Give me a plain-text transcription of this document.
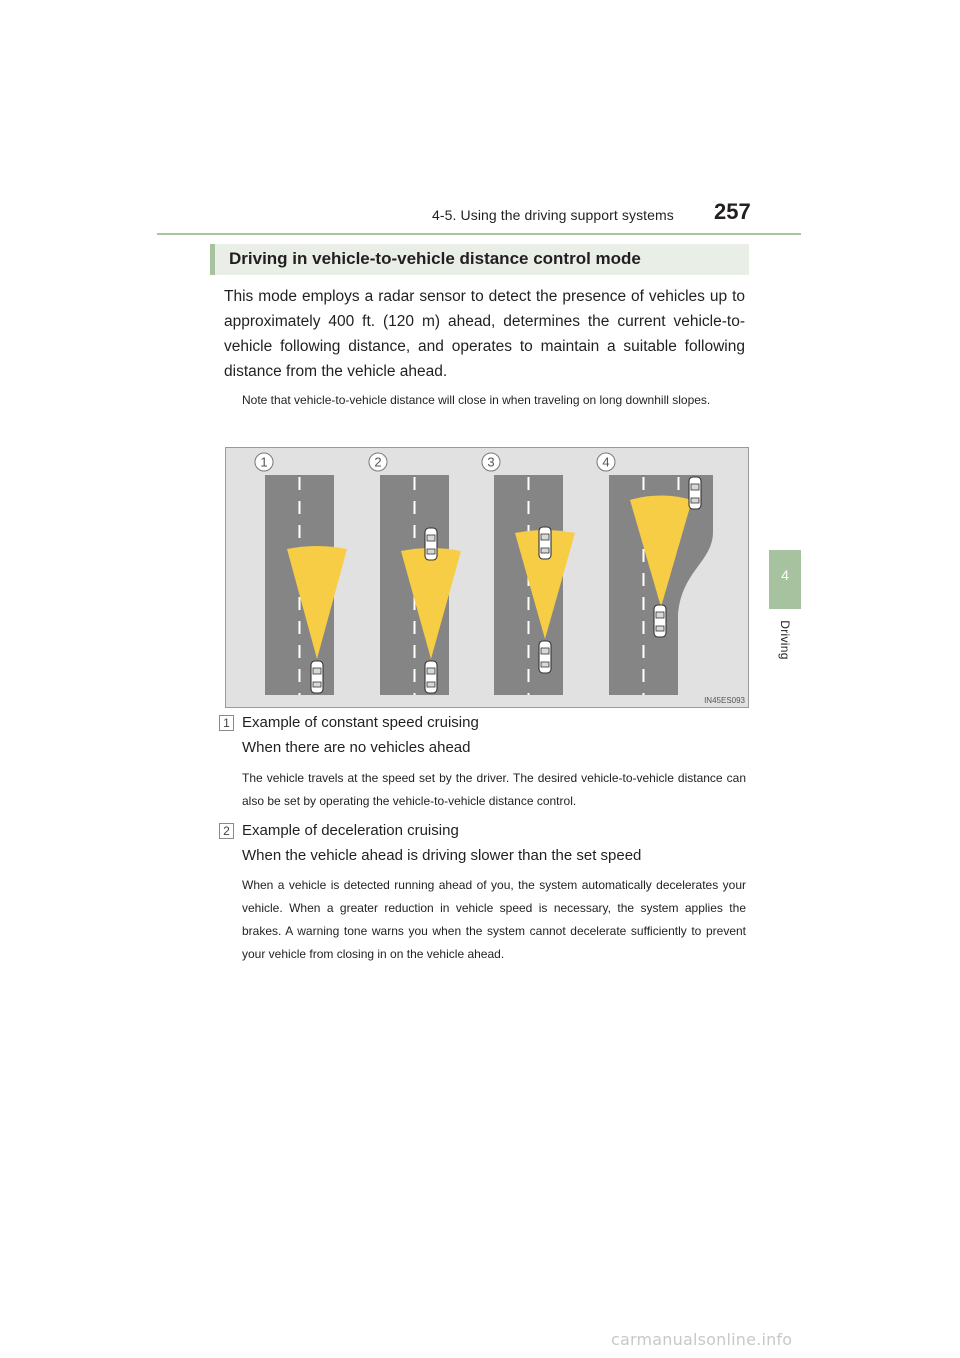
4-5. Using the driving support systems 257
4
Driving
Driving in vehicle-to-vehicle distance control mode

This mode employs a radar sensor to detect the presence of vehicles up to approximately 400 ft. (120 m) ahead, determines the current vehicle-to-vehicle following distance, and operates to maintain a suitable following distance from the vehicle ahead.

Note that vehicle-to-vehicle distance will close in when traveling on long downhill slopes.

1	2	3	4
IN45ES093
1 Example of constant speed cruising

When there are no vehicles ahead

The vehicle travels at the speed set by the driver. The desired vehicle-to-vehicle distance can also be set by operating the vehicle-to-vehicle distance control.

2 Example of deceleration cruising

When the vehicle ahead is driving slower than the set speed

When a vehicle is detected running ahead of you, the system automatically decelerates your vehicle. When a greater reduction in vehicle speed is necessary, the system applies the brakes. A warning tone warns you when the system cannot decelerate sufficiently to prevent your vehicle from closing in on the vehicle ahead.

carmanualsonline.info
